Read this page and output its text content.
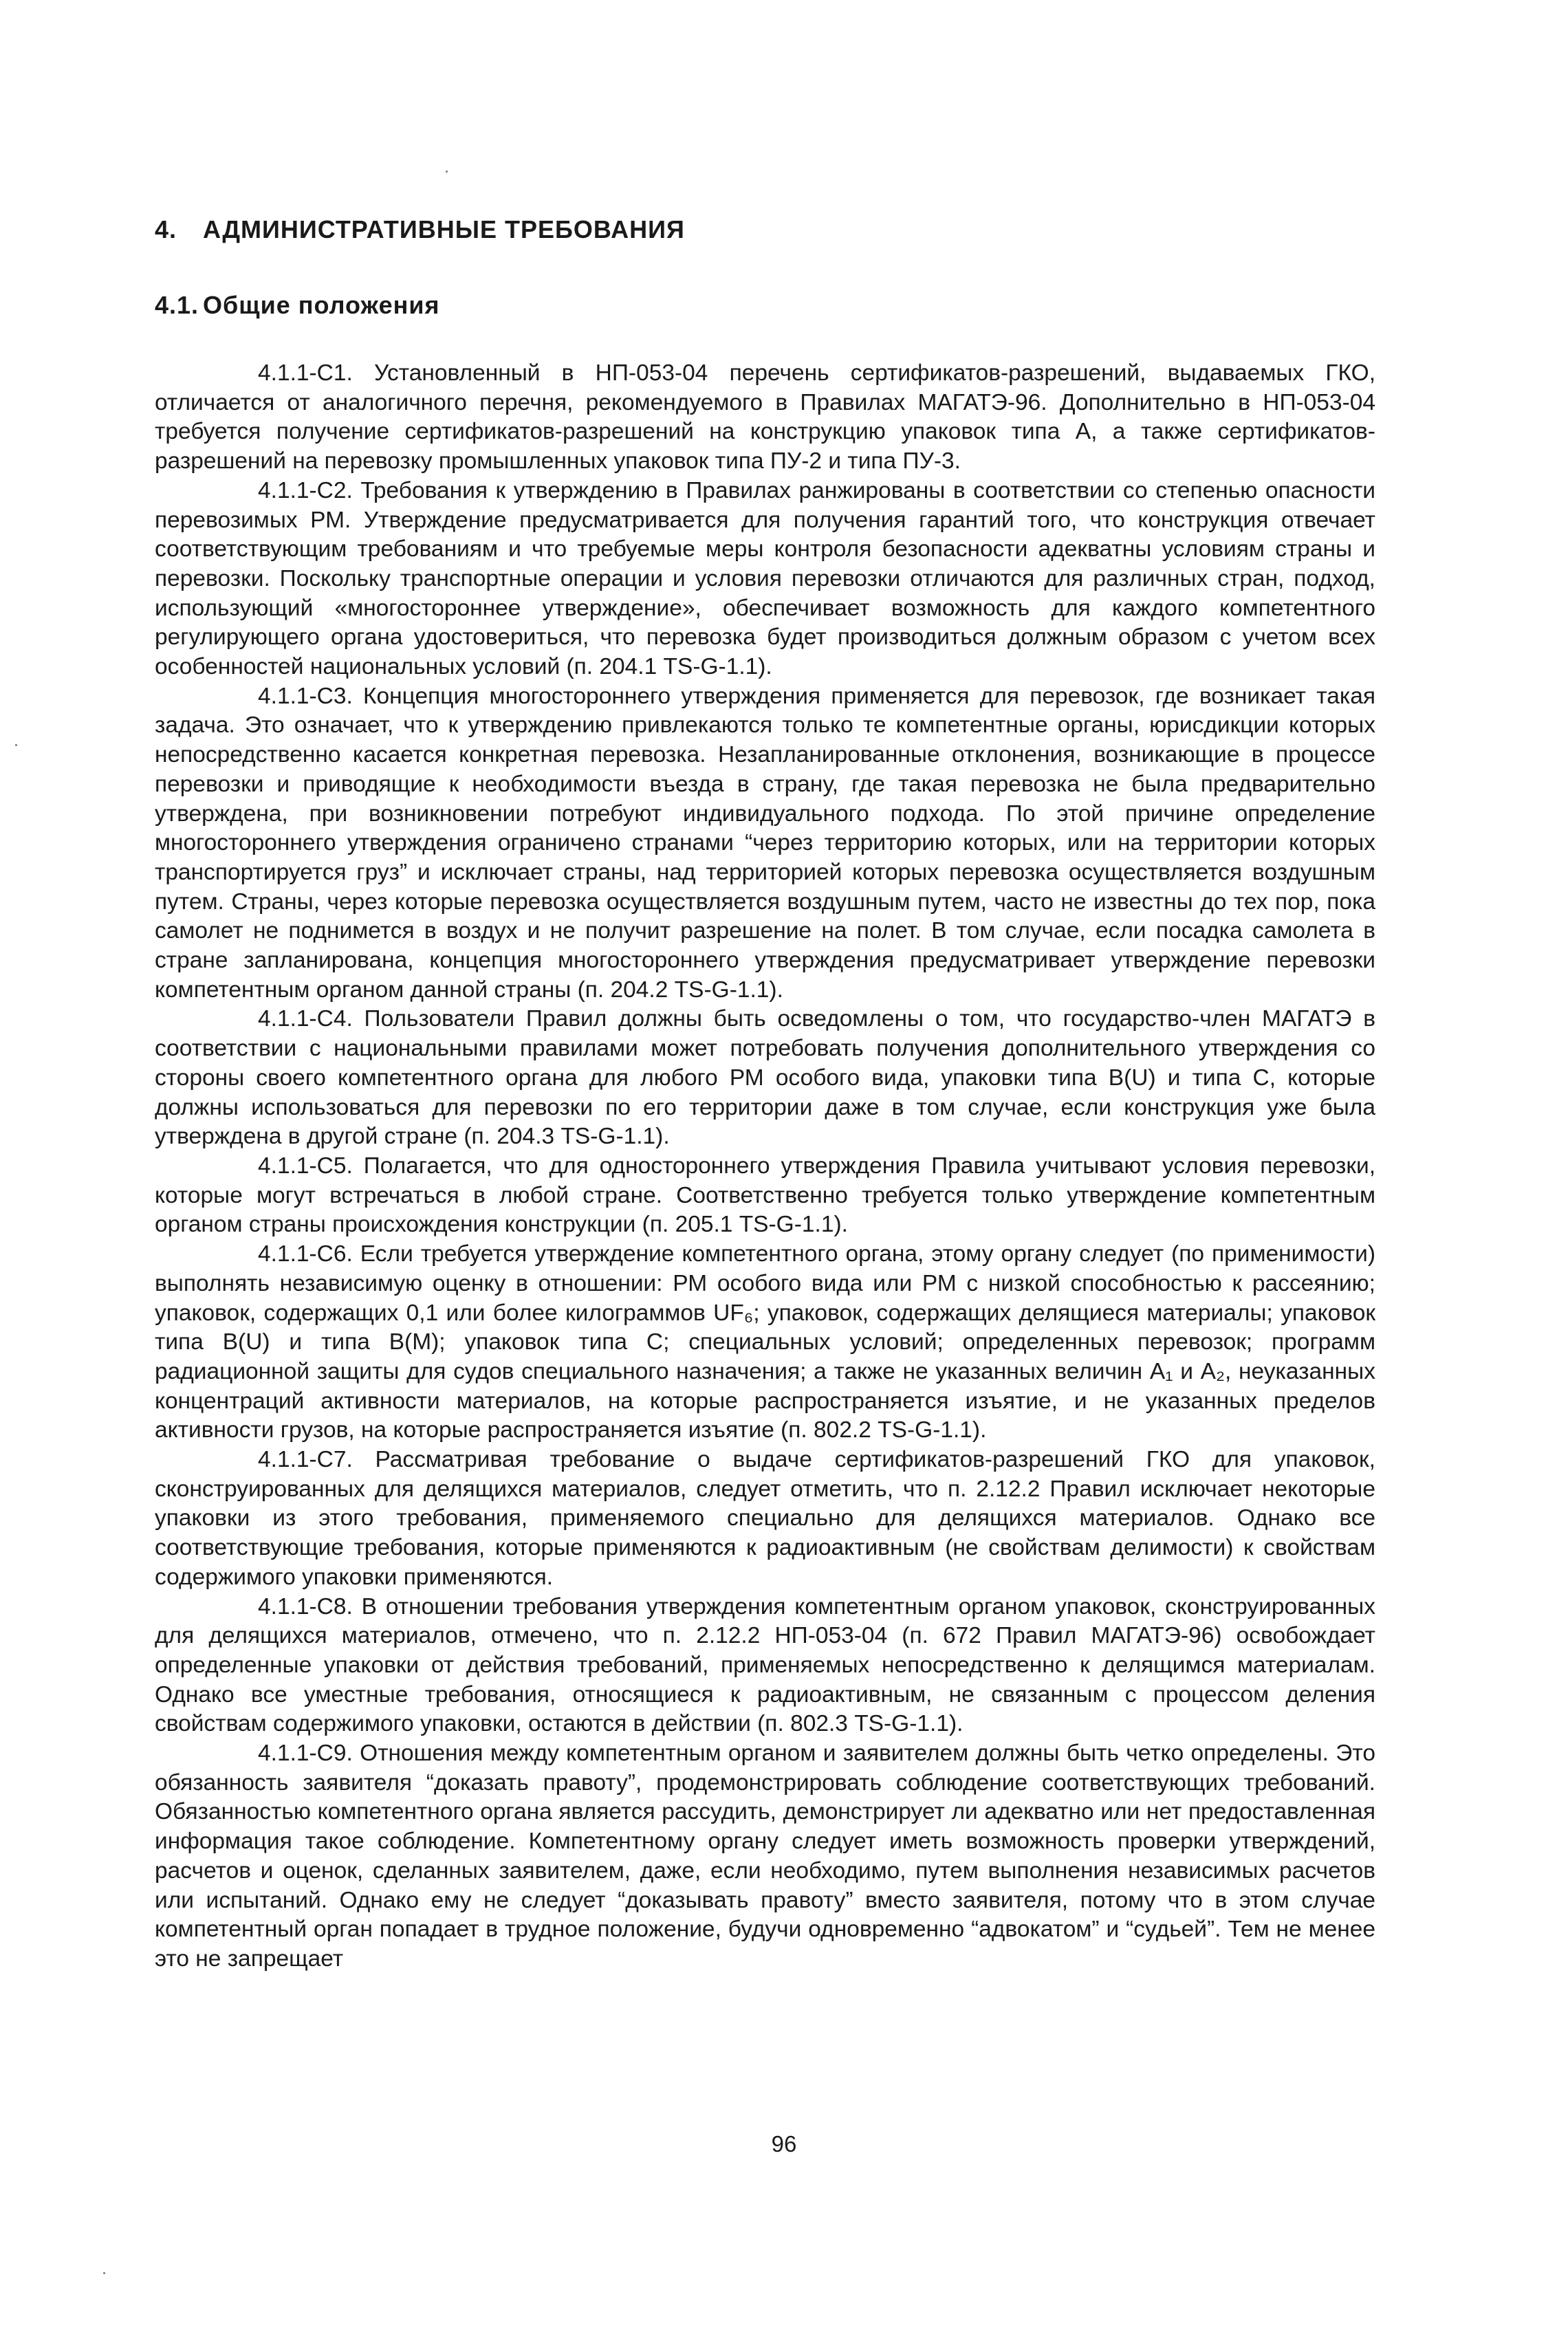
4. АДМИНИСТРАТИВНЫЕ ТРЕБОВАНИЯ
4.1. Общие положения

4.1.1-С1. Установленный в НП-053-04 перечень сертификатов-разрешений, выдаваемых ГКО, отличается от аналогичного перечня, рекомендуемого в Правилах МАГАТЭ-96. Дополнительно в НП-053-04 требуется получение сертификатов-разрешений на конструкцию упаковок типа А, а также сертификатов-разрешений на перевозку промышленных упаковок типа ПУ-2 и типа ПУ-3.

4.1.1-С2. Требования к утверждению в Правилах ранжированы в соответствии со степенью опасности перевозимых РМ. Утверждение предусматривается для получения гарантий того, что конструкция отвечает соответствующим требованиям и что требуемые меры контроля безопасности адекватны условиям страны и перевозки. Поскольку транспортные операции и условия перевозки отличаются для различных стран, подход, использующий «многостороннее утверждение», обеспечивает возможность для каждого компетентного регулирующего органа удостовериться, что перевозка будет производиться должным образом с учетом всех особенностей национальных условий (п. 204.1 TS-G-1.1).

4.1.1-С3. Концепция многостороннего утверждения применяется для перевозок, где возникает такая задача. Это означает, что к утверждению привлекаются только те компетентные органы, юрисдикции которых непосредственно касается конкретная перевозка. Незапланированные отклонения, возникающие в процессе перевозки и приводящие к необходимости въезда в страну, где такая перевозка не была предварительно утверждена, при возникновении потребуют индивидуального подхода. По этой причине определение многостороннего утверждения ограничено странами “через территорию которых, или на территории которых транспортируется груз” и исключает страны, над территорией которых перевозка осуществляется воздушным путем. Страны, через которые перевозка осуществляется воздушным путем, часто не известны до тех пор, пока самолет не поднимется в воздух и не получит разрешение на полет. В том случае, если посадка самолета в стране запланирована, концепция многостороннего утверждения предусматривает утверждение перевозки компетентным органом данной страны (п. 204.2 TS-G-1.1).

4.1.1-С4. Пользователи Правил должны быть осведомлены о том, что государство-член МАГАТЭ в соответствии с национальными правилами может потребовать получения дополнительного утверждения со стороны своего компетентного органа для любого РМ особого вида, упаковки типа B(U) и типа С, которые должны использоваться для перевозки по его территории даже в том случае, если конструкция уже была утверждена в другой стране (п. 204.3 TS-G-1.1).

4.1.1-С5. Полагается, что для одностороннего утверждения Правила учитывают условия перевозки, которые могут встречаться в любой стране. Соответственно требуется только утверждение компетентным органом страны происхождения конструкции (п. 205.1 TS-G-1.1).

4.1.1-С6. Если требуется утверждение компетентного органа, этому органу следует (по применимости) выполнять независимую оценку в отношении: РМ особого вида или РМ с низкой способностью к рассеянию; упаковок, содержащих 0,1 или более килограммов UF₆; упаковок, содержащих делящиеся материалы; упаковок типа B(U) и типа B(M); упаковок типа С; специальных условий; определенных перевозок; программ радиационной защиты для судов специального назначения; а также не указанных величин A₁ и A₂, неуказанных концентраций активности материалов, на которые распространяется изъятие, и не указанных пределов активности грузов, на которые распространяется изъятие (п. 802.2 TS-G-1.1).

4.1.1-С7. Рассматривая требование о выдаче сертификатов-разрешений ГКО для упаковок, сконструированных для делящихся материалов, следует отметить, что п. 2.12.2 Правил исключает некоторые упаковки из этого требования, применяемого специально для делящихся материалов. Однако все соответствующие требования, которые применяются к радиоактивным (не свойствам делимости) к свойствам содержимого упаковки применяются.

4.1.1-С8. В отношении требования утверждения компетентным органом упаковок, сконструированных для делящихся материалов, отмечено, что п. 2.12.2 НП-053-04 (п. 672 Правил МАГАТЭ-96) освобождает определенные упаковки от действия требований, применяемых непосредственно к делящимся материалам. Однако все уместные требования, относящиеся к радиоактивным, не связанным с процессом деления свойствам содержимого упаковки, остаются в действии (п. 802.3 TS-G-1.1).

4.1.1-С9. Отношения между компетентным органом и заявителем должны быть четко определены. Это обязанность заявителя “доказать правоту”, продемонстрировать соблюдение соответствующих требований. Обязанностью компетентного органа является рассудить, демонстрирует ли адекватно или нет предоставленная информация такое соблюдение. Компетентному органу следует иметь возможность проверки утверждений, расчетов и оценок, сделанных заявителем, даже, если необходимо, путем выполнения независимых расчетов или испытаний. Однако ему не следует “доказывать правоту” вместо заявителя, потому что в этом случае компетентный орган попадает в трудное положение, будучи одновременно “адвокатом” и “судьей”. Тем не менее это не запрещает

96
